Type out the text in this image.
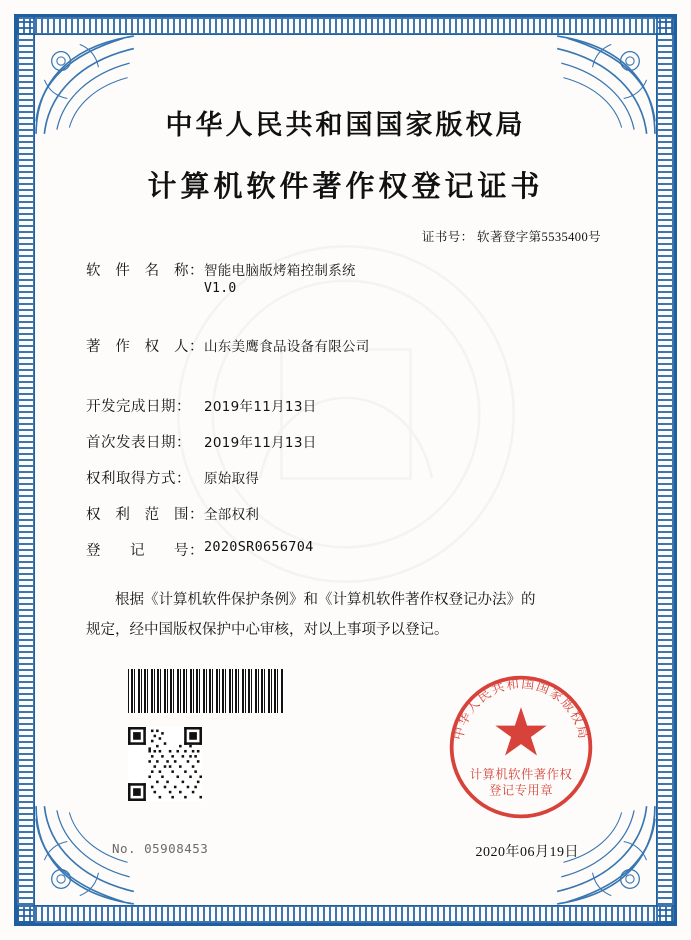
中华人民共和国国家版权局
计算机软件著作权登记证书
证书号： 软著登字第5535400号
软 件 名 称： 智能电脑版烤箱控制系统
V1.0
著 作 权 人： 山东美鹰食品设备有限公司
开发完成日期： 2019年11月13日
首次发表日期： 2019年11月13日
权利取得方式： 原始取得
权 利 范 围： 全部权利
登 记 号： 2020SR0656704

根据《计算机软件保护条例》和《计算机软件著作权登记办法》的

规定，经中国版权保护中心审核，对以上事项予以登记。

中华人民共和国国家版权局
计算机软件著作权
登记专用章
No. 05908453	2020年06月19日
